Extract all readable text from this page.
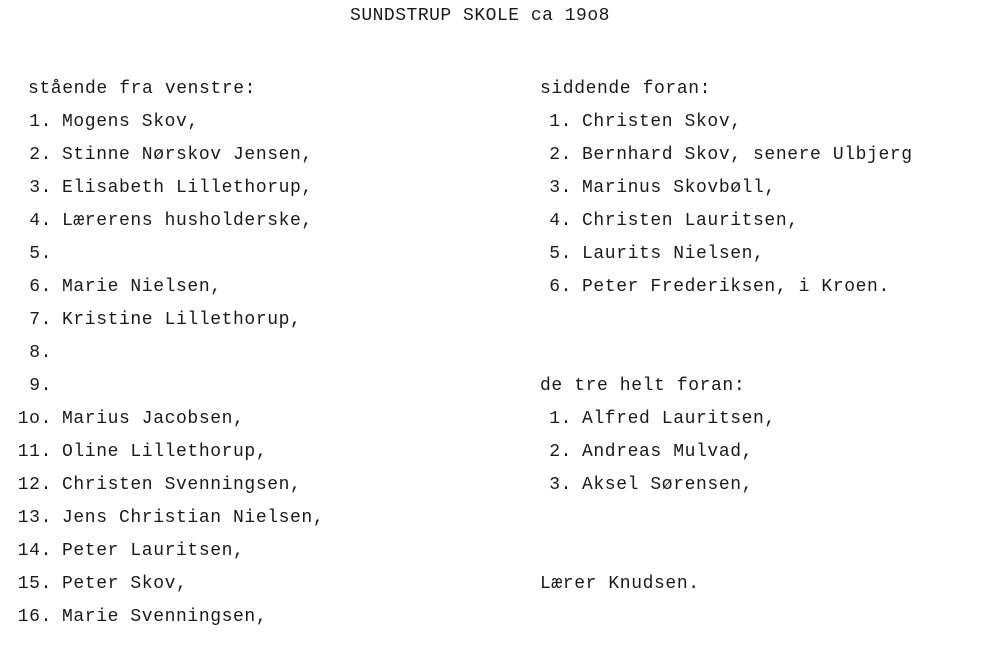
SUNDSTRUP SKOLE ca 19o8
stående fra venstre:
1. Mogens Skov,
2. Stinne Nørskov Jensen,
3. Elisabeth Lillethorup,
4. Lærerens husholderske,
5.
6. Marie Nielsen,
7. Kristine Lillethorup,
8.
9.
1o. Marius Jacobsen,
11. Oline Lillethorup,
12. Christen Svenningsen,
13. Jens Christian Nielsen,
14. Peter Lauritsen,
15. Peter Skov,
16. Marie Svenningsen,
siddende foran:
1. Christen Skov,
2. Bernhard Skov, senere Ulbjerg
3. Marinus Skovbøll,
4. Christen Lauritsen,
5. Laurits Nielsen,
6. Peter Frederiksen, i Kroen.
de tre helt foran:
1. Alfred Lauritsen,
2. Andreas Mulvad,
3. Aksel Sørensen,
Lærer Knudsen.
